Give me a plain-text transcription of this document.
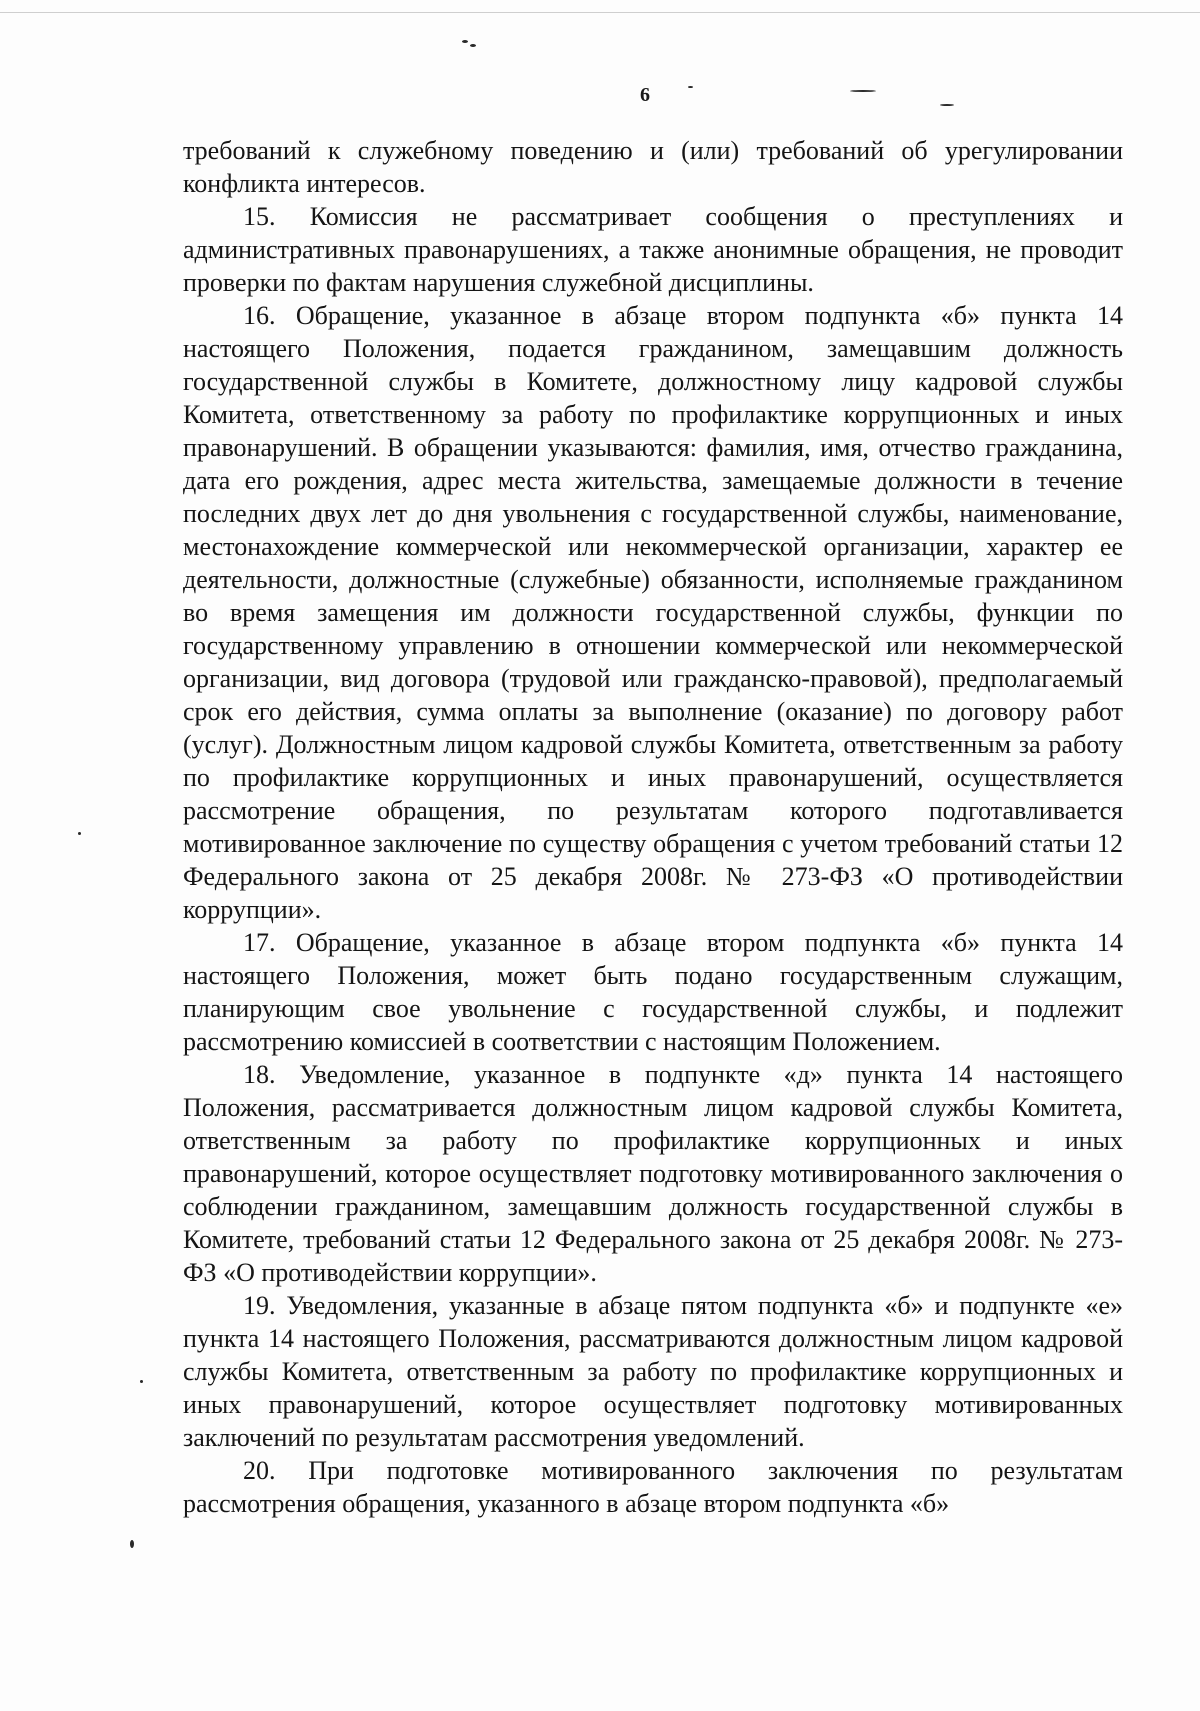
6

требований к служебному поведению и (или) требований об урегулировании конфликта интересов.

15. Комиссия не рассматривает сообщения о преступлениях и административных правонарушениях, а также анонимные обращения, не проводит проверки по фактам нарушения служебной дисциплины.

16. Обращение, указанное в абзаце втором подпункта «б» пункта 14 настоящего Положения, подается гражданином, замещавшим должность государственной службы в Комитете, должностному лицу кадровой службы Комитета, ответственному за работу по профилактике коррупционных и иных правонарушений. В обращении указываются: фамилия, имя, отчество гражданина, дата его рождения, адрес места жительства, замещаемые должности в течение последних двух лет до дня увольнения с государственной службы, наименование, местонахождение коммерческой или некоммерческой организации, характер ее деятельности, должностные (служебные) обязанности, исполняемые гражданином во время замещения им должности государственной службы, функции по государственному управлению в отношении коммерческой или некоммерческой организации, вид договора (трудовой или гражданско-правовой), предполагаемый срок его действия, сумма оплаты за выполнение (оказание) по договору работ (услуг). Должностным лицом кадровой службы Комитета, ответственным за работу по профилактике коррупционных и иных правонарушений, осуществляется рассмотрение обращения, по результатам которого подготавливается мотивированное заключение по существу обращения с учетом требований статьи 12 Федерального закона от 25 декабря 2008г. № 273-ФЗ «О противодействии коррупции».

17. Обращение, указанное в абзаце втором подпункта «б» пункта 14 настоящего Положения, может быть подано государственным служащим, планирующим свое увольнение с государственной службы, и подлежит рассмотрению комиссией в соответствии с настоящим Положением.

18. Уведомление, указанное в подпункте «д» пункта 14 настоящего Положения, рассматривается должностным лицом кадровой службы Комитета, ответственным за работу по профилактике коррупционных и иных правонарушений, которое осуществляет подготовку мотивированного заключения о соблюдении гражданином, замещавшим должность государственной службы в Комитете, требований статьи 12 Федерального закона от 25 декабря 2008г. № 273-ФЗ «О противодействии коррупции».

19. Уведомления, указанные в абзаце пятом подпункта «б» и подпункте «е» пункта 14 настоящего Положения, рассматриваются должностным лицом кадровой службы Комитета, ответственным за работу по профилактике коррупционных и иных правонарушений, которое осуществляет подготовку мотивированных заключений по результатам рассмотрения уведомлений.

20. При подготовке мотивированного заключения по результатам рассмотрения обращения, указанного в абзаце втором подпункта «б»
